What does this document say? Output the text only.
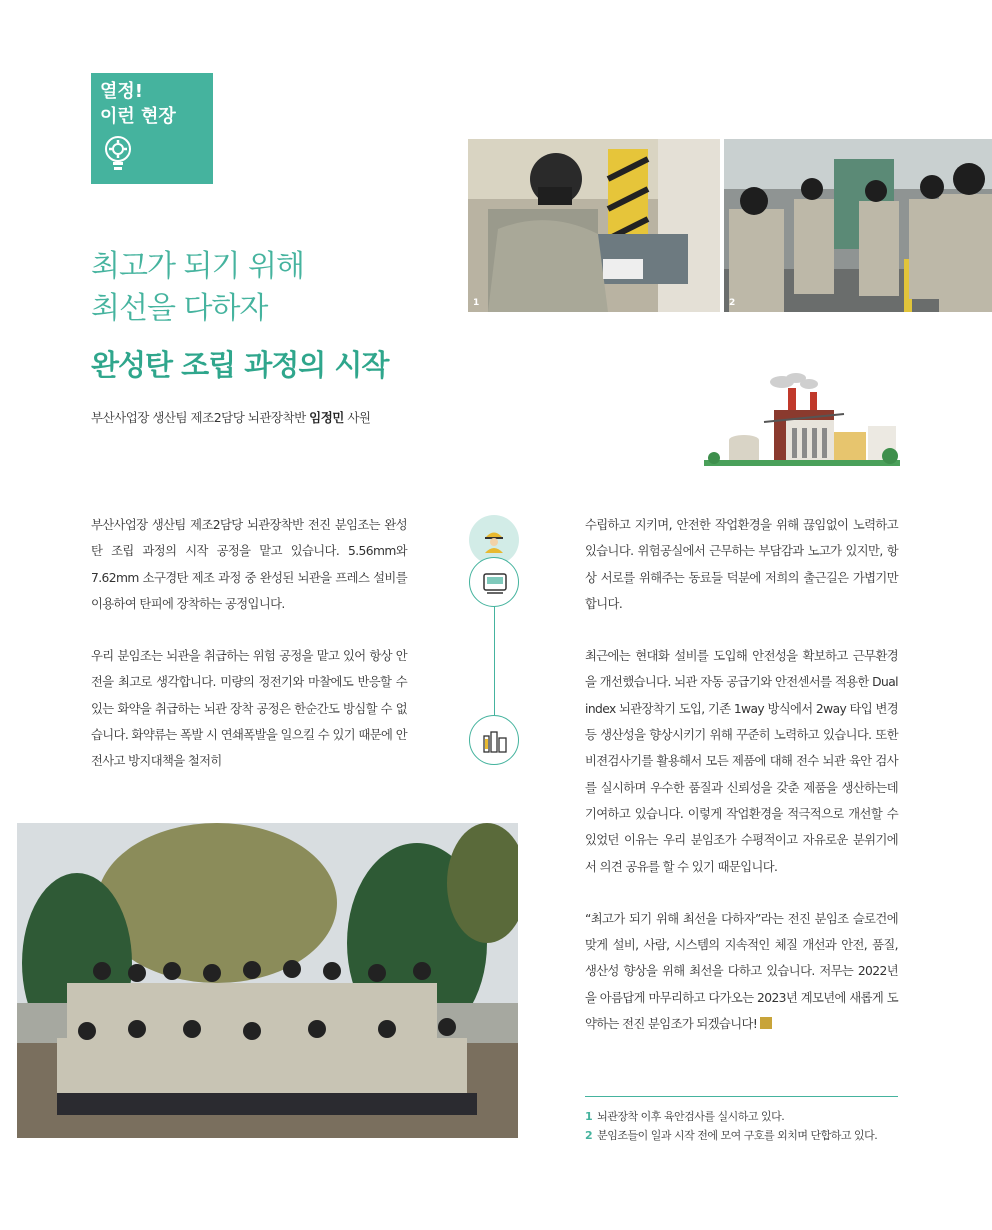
열정!
이런 현장
1	2
최고가 되기 위해
최선을 다하자
완성탄 조립 과정의 시작
부산사업장 생산팀 제조2담당 뇌관장착반 임정민 사원

부산사업장 생산팀 제조2담당 뇌관장착반 전진 분임조는 완성탄 조립 과정의 시작 공정을 맡고 있습니다. 5.56mm와 7.62mm 소구경탄 제조 과정 중 완성된 뇌관을 프레스 설비를 이용하여 탄피에 장착하는 공정입니다.

우리 분임조는 뇌관을 취급하는 위험 공정을 맡고 있어 항상 안전을 최고로 생각합니다. 미량의 정전기와 마찰에도 반응할 수 있는 화약을 취급하는 뇌관 장착 공정은 한순간도 방심할 수 없습니다. 화약류는 폭발 시 연쇄폭발을 일으킬 수 있기 때문에 안전사고 방지대책을 철저히

수립하고 지키며, 안전한 작업환경을 위해 끊임없이 노력하고 있습니다. 위험공실에서 근무하는 부담감과 노고가 있지만, 항상 서로를 위해주는 동료들 덕분에 저희의 출근길은 가볍기만 합니다.

최근에는 현대화 설비를 도입해 안전성을 확보하고 근무환경을 개선했습니다. 뇌관 자동 공급기와 안전센서를 적용한 Dual index 뇌관장착기 도입, 기존 1way 방식에서 2way 타입 변경 등 생산성을 향상시키기 위해 꾸준히 노력하고 있습니다. 또한 비젼검사기를 활용해서 모든 제품에 대해 전수 뇌관 육안 검사를 실시하며 우수한 품질과 신뢰성을 갖춘 제품을 생산하는데 기여하고 있습니다. 이렇게 작업환경을 적극적으로 개선할 수 있었던 이유는 우리 분임조가 수평적이고 자유로운 분위기에서 의견 공유를 할 수 있기 때문입니다.

“최고가 되기 위해 최선을 다하자”라는 전진 분임조 슬로건에 맞게 설비, 사람, 시스템의 지속적인 체질 개선과 안전, 품질, 생산성 향상을 위해 최선을 다하고 있습니다. 저무는 2022년을 아름답게 마무리하고 다가오는 2023년 계모년에 새롭게 도약하는 전진 분임조가 되겠습니다!

1 뇌관장착 이후 육안검사를 실시하고 있다.
2 분임조들이 일과 시작 전에 모여 구호를 외치며 단합하고 있다.
